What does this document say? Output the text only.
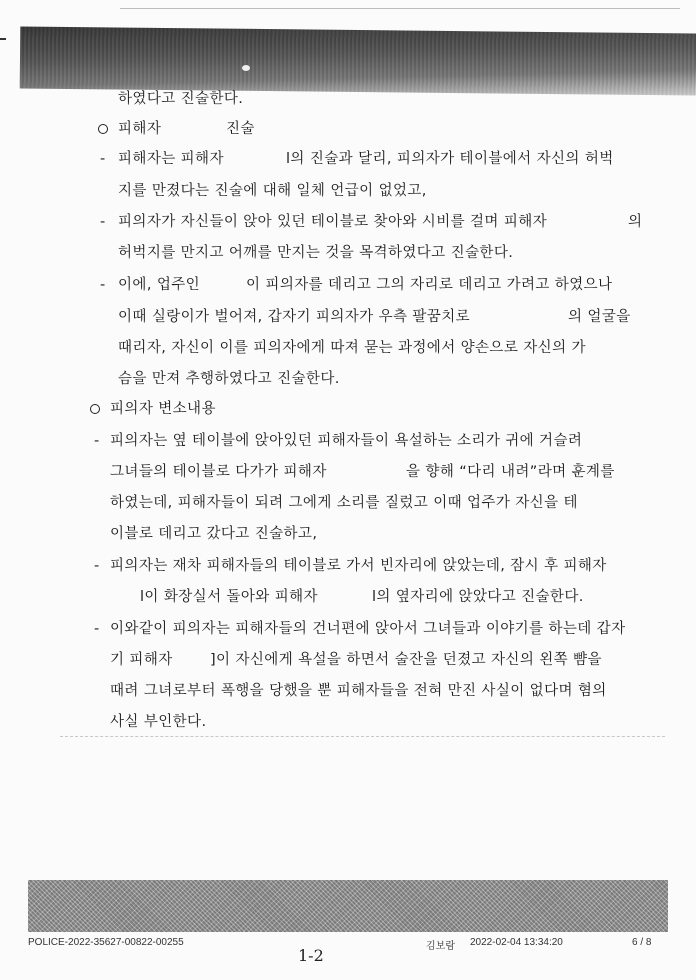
하였다고 진술한다.
피해자	진술
- 피해자는 피해자	l의 진술과 달리, 피의자가 테이블에서 자신의 허벅
지를 만졌다는 진술에 대해 일체 언급이 없었고,
- 피의자가 자신들이 앉아 있던 테이블로 찾아와 시비를 걸며 피해자	의
허벅지를 만지고 어깨를 만지는 것을 목격하였다고 진술한다.
- 이에, 업주인	이 피의자를 데리고 그의 자리로 데리고 가려고 하였으나
이때 실랑이가 벌어져, 갑자기 피의자가 우측 팔꿈치로	의 얼굴을
때리자, 자신이 이를 피의자에게 따져 묻는 과정에서 양손으로 자신의 가
슴을 만져 추행하였다고 진술한다.
피의자 변소내용
- 피의자는 옆 테이블에 앉아있던 피해자들이 욕설하는 소리가 귀에 거슬려
그녀들의 테이블로 다가가 피해자	을 향해 “다리 내려”라며 훈계를
하였는데, 피해자들이 되려 그에게 소리를 질렀고 이때 업주가 자신을 테
이블로 데리고 갔다고 진술하고,
- 피의자는 재차 피해자들의 테이블로 가서 빈자리에 앉았는데, 잠시 후 피해자
l이 화장실서 돌아와 피해자	l의 옆자리에 앉았다고 진술한다.
- 이와같이 피의자는 피해자들의 건너편에 앉아서 그녀들과 이야기를 하는데 갑자
기 피해자	]이 자신에게 욕설을 하면서 술잔을 던졌고 자신의 왼쪽 뺨을
때려 그녀로부터 폭행을 당했을 뿐 피해자들을 전혀 만진 사실이 없다며 혐의
사실 부인한다.
POLICE-2022-35627-00822-00255
1-2	김보람 2022-02-04 13:34:20	6 / 8
